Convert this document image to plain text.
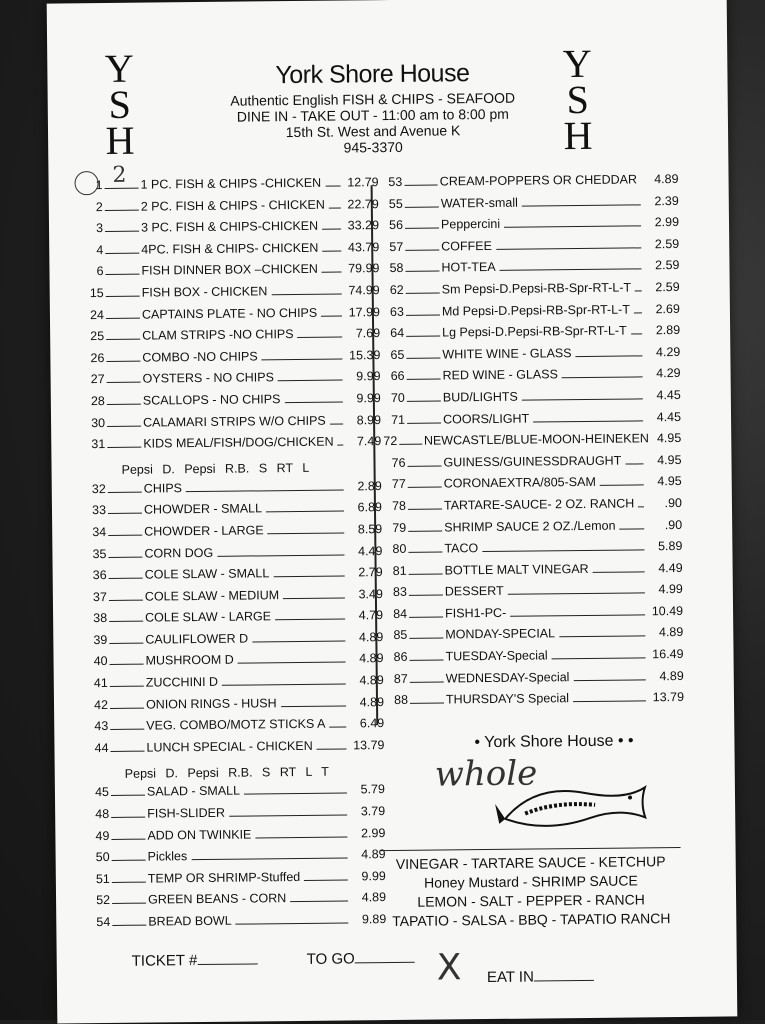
Y
S
H
Y
S
H
York Shore House
Authentic English FISH & CHIPS - SEAFOOD
DINE IN - TAKE OUT - 11:00 am to 8:00 pm
15th St. West and Avenue K
945-3370
2
1	1 PC. FISH & CHIPS -CHICKEN 12.79
2	2 PC. FISH & CHIPS - CHICKEN 22.79
3	3 PC. FISH & CHIPS-CHICKEN 33.29
4	4PC. FISH & CHIPS- CHICKEN 43.79
6	FISH DINNER BOX –CHICKEN 79.99
15	FISH BOX - CHICKEN	74.99
24	CAPTAINS PLATE - NO CHIPS	17.99
25	CLAM STRIPS -NO CHIPS	7.69
26	COMBO -NO CHIPS	15.39
27	OYSTERS - NO CHIPS	9.99
28	SCALLOPS - NO CHIPS	9.99
30	CALAMARI STRIPS W/O CHIPS	8.99
31	KIDS MEAL/FISH/DOG/CHICKEN	7.49
Pepsi D. Pepsi R.B. S RT L
32	CHIPS	2.89
33	CHOWDER - SMALL	6.89
34	CHOWDER - LARGE	8.59
35	CORN DOG	4.49
36	COLE SLAW - SMALL	2.79
37	COLE SLAW - MEDIUM	3.49
38	COLE SLAW - LARGE	4.79
39	CAULIFLOWER D	4.89
40	MUSHROOM D	4.89
41	ZUCCHINI D	4.89
42	ONION RINGS - HUSH	4.89
43	VEG. COMBO/MOTZ STICKS A	6.49
44	LUNCH SPECIAL - CHICKEN	13.79
Pepsi D. Pepsi R.B. S RT L T
45	SALAD - SMALL	5.79
48	FISH-SLIDER	3.79
49	ADD ON TWINKIE	2.99
50	Pickles	4.89
51	TEMP OR SHRIMP-Stuffed	9.99
52	GREEN BEANS - CORN	4.89
54	BREAD BOWL	9.89
53	CREAM-POPPERS OR CHEDDAR	4.89
55	WATER-small	2.39
56	Peppercini	2.99
57	COFFEE	2.59
58	HOT-TEA	2.59
62	Sm Pepsi-D.Pepsi-RB-Spr-RT-L-T	2.59
63	Md Pepsi-D.Pepsi-RB-Spr-RT-L-T	2.69
64	Lg Pepsi-D.Pepsi-RB-Spr-RT-L-T	2.89
65	WHITE WINE - GLASS	4.29
66	RED WINE - GLASS	4.29
70	BUD/LIGHTS	4.45
71	COORS/LIGHT	4.45
72 NEWCASTLE/BLUE-MOON-HEINEKEN 4.95
76	GUINESS/GUINESSDRAUGHT	4.95
77	CORONAEXTRA/805-SAM	4.95
78	TARTARE-SAUCE- 2 OZ. RANCH	.90
79	SHRIMP SAUCE 2 OZ./Lemon	.90
80	TACO	5.89
81	BOTTLE MALT VINEGAR	4.49
83	DESSERT	4.99
84	FISH1-PC-	10.49
85	MONDAY-SPECIAL	4.89
86	TUESDAY-Special	16.49
87	WEDNESDAY-Special	4.89
88	THURSDAY'S Special	13.79
• York Shore House • •
whole
VINEGAR - TARTARE SAUCE - KETCHUP
Honey Mustard - SHRIMP SAUCE
LEMON - SALT - PEPPER - RANCH
TAPATIO - SALSA - BBQ - TAPATIO RANCH
TICKET #	TO GO	X EAT IN
